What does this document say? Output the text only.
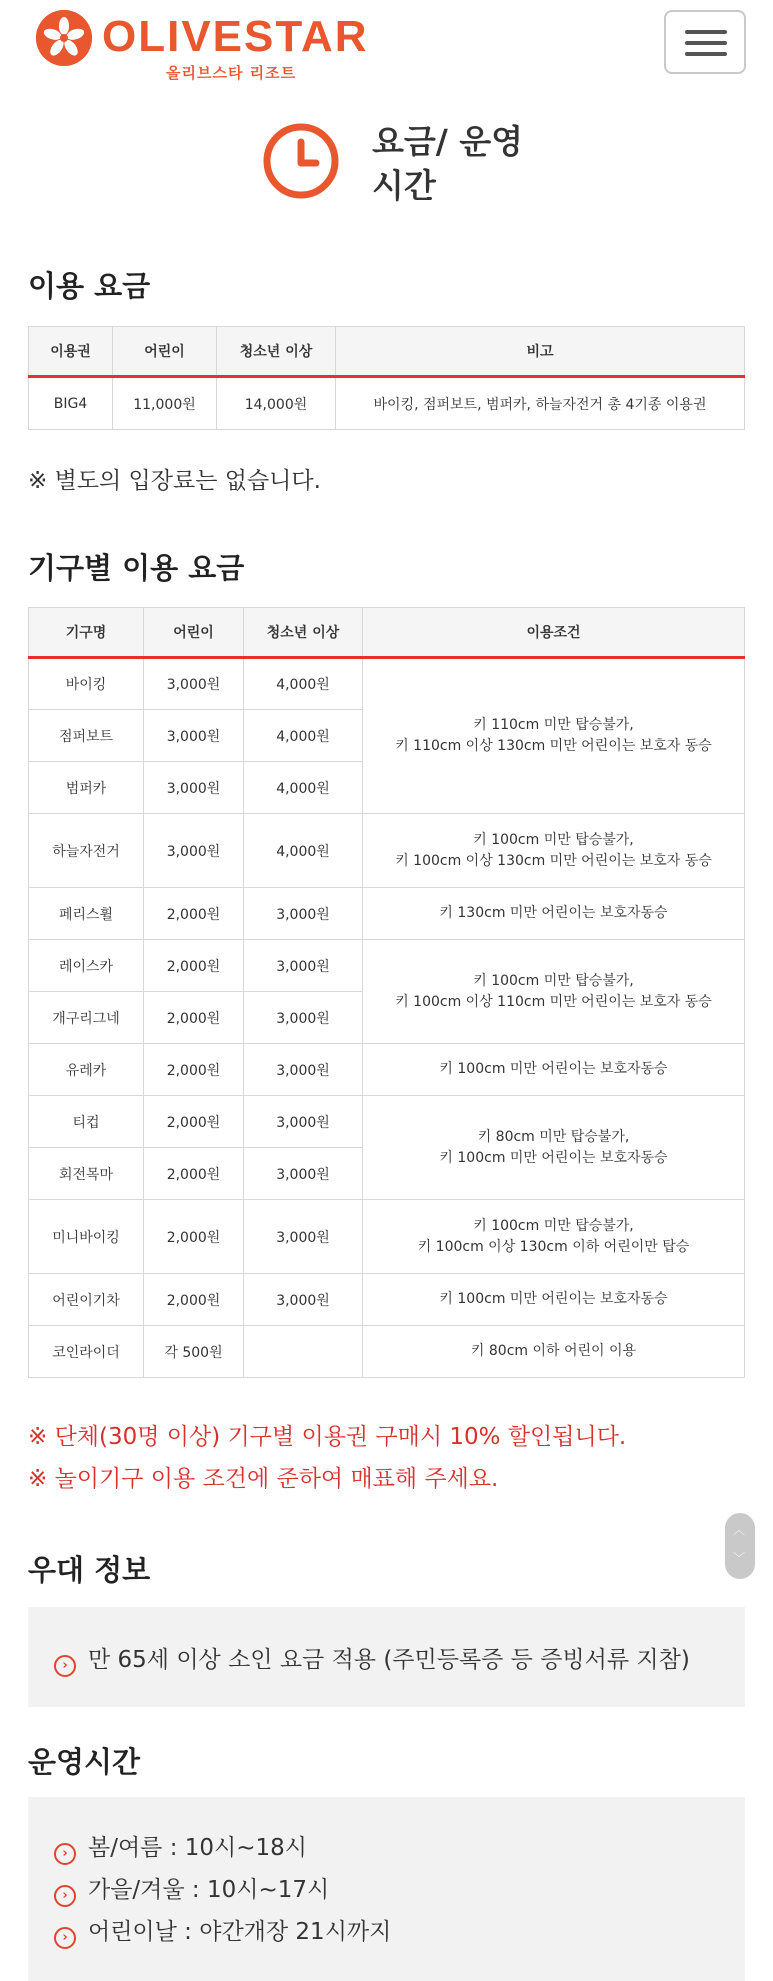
OLIVESTAR
올리브스타 리조트
요금/ 운영시간
이용 요금
이용권	어린이	청소년 이상	비고
BIG4	11,000원	14,000원	바이킹, 점퍼보트, 범퍼카, 하늘자전거 총 4기종 이용권
※ 별도의 입장료는 없습니다.
기구별 이용 요금
기구명	어린이	청소년 이상	이용조건
바이킹	3,000원	4,000원	키 110cm 미만 탑승불가,
키 110cm 이상 130cm 미만 어린이는 보호자 동승

점퍼보트	3,000원	4,000원	
범퍼카	3,000원	4,000원	
하늘자전거	3,000원	4,000원	키 100cm 미만 탑승불가,
키 100cm 이상 130cm 미만 어린이는 보호자 동승

페리스휠	2,000원	3,000원	키 130cm 미만 어린이는 보호자동승

레이스카	2,000원	3,000원	키 100cm 미만 탑승불가,
키 100cm 이상 110cm 미만 어린이는 보호자 동승

개구리그네	2,000원	3,000원	
유레카	2,000원	3,000원	키 100cm 미만 어린이는 보호자동승

티컵	2,000원	3,000원	키 80cm 미만 탑승불가,
키 100cm 미만 어린이는 보호자동승

회전목마	2,000원	3,000원	
미니바이킹	2,000원	3,000원	키 100cm 미만 탑승불가,
키 100cm 이상 130cm 이하 어린이만 탑승

어린이기차	2,000원	3,000원	키 100cm 미만 어린이는 보호자동승

코인라이더	각 500원		키 80cm 이하 어린이 이용
※ 단체(30명 이상) 기구별 이용권 구매시 10% 할인됩니다.
※ 놀이기구 이용 조건에 준하여 매표해 주세요.
우대 정보
› 만 65세 이상 소인 요금 적용 (주민등록증 등 증빙서류 지참)
운영시간
› 봄/여름 : 10시~18시
› 가을/겨울 : 10시~17시
› 어린이날 : 야간개장 21시까지
︿
﹀
